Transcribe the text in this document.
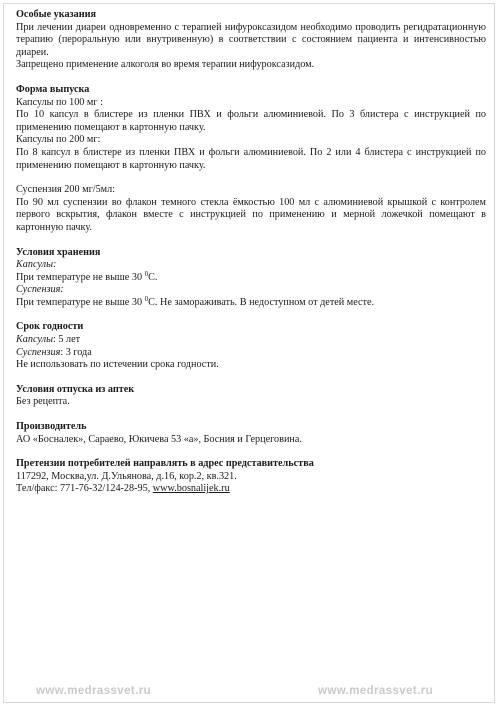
Особые указания

При лечении диареи одновременно с терапией нифуроксазидом необходимо проводить регидратационную терапию (пероральную или внутривенную) в соответствии с состоянием пациента и интенсивностью диареи.

Запрещено применение алкоголя во время терапии нифуроксазидом.

Форма выпуска

Капсулы по 100 мг :

По 10 капсул в блистере из пленки ПВХ и фольги алюминиевой. По 3 блистера с инструкцией по применению помещают в картонную пачку.

Капсулы по 200 мг:

По 8 капсул в блистере из пленки ПВХ и фольги алюминиевой. По 2 или 4 блистера с инструкцией по применению помещают в картонную пачку.

Суспензия 200 мг/5мл:

По 90 мл суспензии во флакон темного стекла ёмкостью 100 мл с алюминиевой крышкой с контролем первого вскрытия, флакон вместе с инструкцией по применению и мерной ложечкой помещают в картонную пачку.

Условия хранения

Капсулы:

При температуре не выше 30 $^0$С.

Суспензия:

При температуре не выше 30 $^0$С. Не замораживать. В недоступном от детей месте.

Срок годности

Капсулы: 5 лет

Суспензия: 3 года

Не использовать по истечении срока годности.

Условия отпуска из аптек

Без рецепта.

Производитель

АО «Босналек», Сараево, Юкичева 53 «а», Босния и Герцеговина.

Претензии потребителей направлять в адрес представительства

117292, Москва,ул. Д.Ульянова, д.16, кор.2, кв.321.

Тел/факс: 771-76-32/124-28-95, www.bosnalijek.ru

www.medrassvet.ru	www.medrassvet.ru
